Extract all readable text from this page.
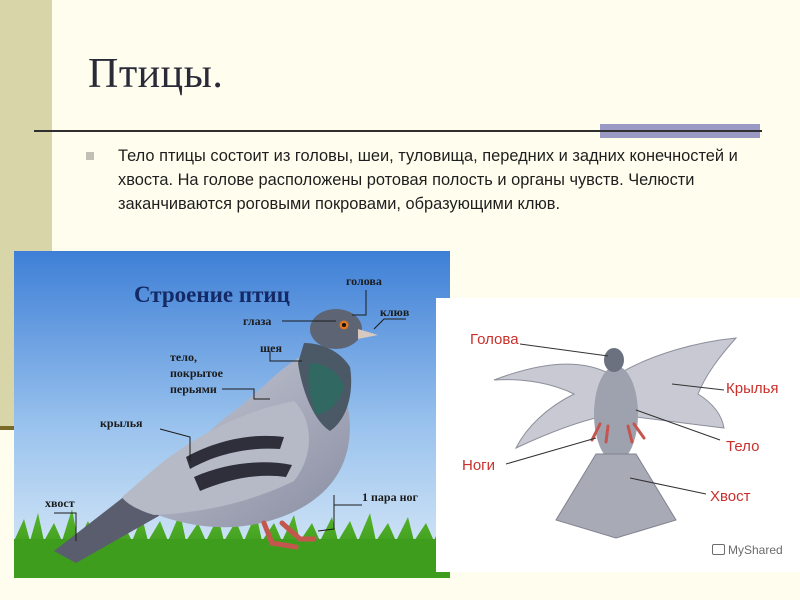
Птицы.
Тело птицы состоит из головы, шеи, туловища, передних и задних конечностей и хвоста. На голове расположены ротовая полость и органы чувств. Челюсти заканчиваются роговыми покровами, образующими клюв.
Строение птиц
голова
клюв
глаза
шея
тело,
покрытое
перьями
крылья
хвост	1 пара ног
Голова
Крылья
Тело
Ноги
Хвост
MyShared
